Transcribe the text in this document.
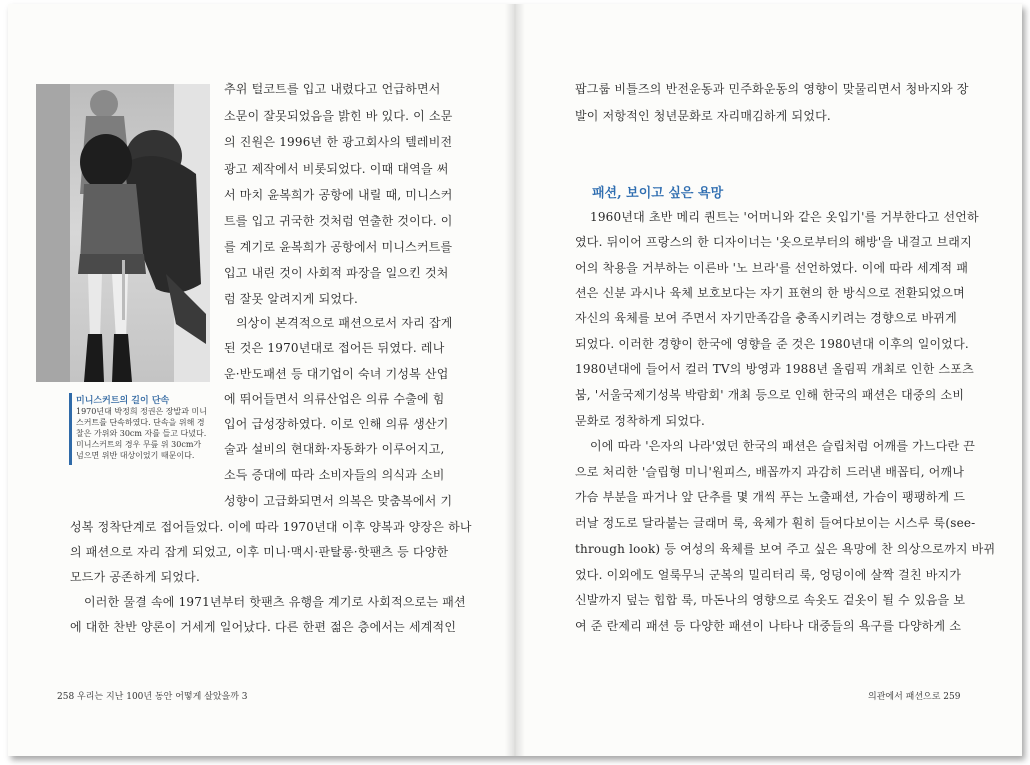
미니스커트의 길이 단속
1970년대 박정희 정권은 장발과 미니
스커트를 단속하였다. 단속을 위해 경
찰은 가위와 30cm 자를 들고 다녔다.
미니스커트의 경우 무릎 위 30cm가
넘으면 위반 대상이었기 때문이다.
추위 털코트를 입고 내렸다고 언급하면서
소문이 잘못되었음을 밝힌 바 있다. 이 소문
의 진원은 1996년 한 광고회사의 텔레비전
광고 제작에서 비롯되었다. 이때 대역을 써
서 마치 윤복희가 공항에 내릴 때, 미니스커
트를 입고 귀국한 것처럼 연출한 것이다. 이
를 계기로 윤복희가 공항에서 미니스커트를
입고 내린 것이 사회적 파장을 일으킨 것처
럼 잘못 알려지게 되었다.
의상이 본격적으로 패션으로서 자리 잡게
된 것은 1970년대로 접어든 뒤였다. 레나
운·반도패션 등 대기업이 숙녀 기성복 산업
에 뛰어들면서 의류산업은 의류 수출에 힘
입어 급성장하였다. 이로 인해 의류 생산기
술과 설비의 현대화·자동화가 이루어지고,
소득 증대에 따라 소비자들의 의식과 소비
성향이 고급화되면서 의복은 맞춤복에서 기
성복 정착단계로 접어들었다. 이에 따라 1970년대 이후 양복과 양장은 하나
의 패션으로 자리 잡게 되었고, 이후 미니·맥시·판탈롱·핫팬츠 등 다양한
모드가 공존하게 되었다.
이러한 물결 속에 1971년부터 핫팬츠 유행을 계기로 사회적으로는 패션
에 대한 찬반 양론이 거세게 일어났다. 다른 한편 젊은 층에서는 세계적인
258 우리는 지난 100년 동안 어떻게 살았을까 3
팝그룹 비틀즈의 반전운동과 민주화운동의 영향이 맞물리면서 청바지와 장
발이 저항적인 청년문화로 자리매김하게 되었다.
패션, 보이고 싶은 욕망
1960년대 초반 메리 퀀트는 '어머니와 같은 옷입기'를 거부한다고 선언하
였다. 뒤이어 프랑스의 한 디자이너는 '옷으로부터의 해방'을 내걸고 브래지
어의 착용을 거부하는 이른바 '노 브라'를 선언하였다. 이에 따라 세계적 패
션은 신분 과시나 육체 보호보다는 자기 표현의 한 방식으로 전환되었으며
자신의 육체를 보여 주면서 자기만족감을 충족시키려는 경향으로 바뀌게
되었다. 이러한 경향이 한국에 영향을 준 것은 1980년대 이후의 일이었다.
1980년대에 들어서 컬러 TV의 방영과 1988년 올림픽 개최로 인한 스포츠
붐, '서울국제기성복 박람회' 개최 등으로 인해 한국의 패션은 대중의 소비
문화로 정착하게 되었다.
이에 따라 '은자의 나라'였던 한국의 패션은 슬립처럼 어깨를 가느다란 끈
으로 처리한 '슬립형 미니'원피스, 배꼽까지 과감히 드러낸 배꼽티, 어깨나
가슴 부분을 파거나 앞 단추를 몇 개씩 푸는 노출패션, 가슴이 팽팽하게 드
러날 정도로 달라붙는 글래머 룩, 육체가 훤히 들여다보이는 시스루 룩(see-
through look) 등 여성의 육체를 보여 주고 싶은 욕망에 찬 의상으로까지 바뀌
었다. 이외에도 얼룩무늬 군복의 밀리터리 룩, 엉덩이에 살짝 걸친 바지가
신발까지 덮는 힙합 룩, 마돈나의 영향으로 속옷도 겉옷이 될 수 있음을 보
여 준 란제리 패션 등 다양한 패션이 나타나 대중들의 욕구를 다양하게 소
의관에서 패션으로 259
